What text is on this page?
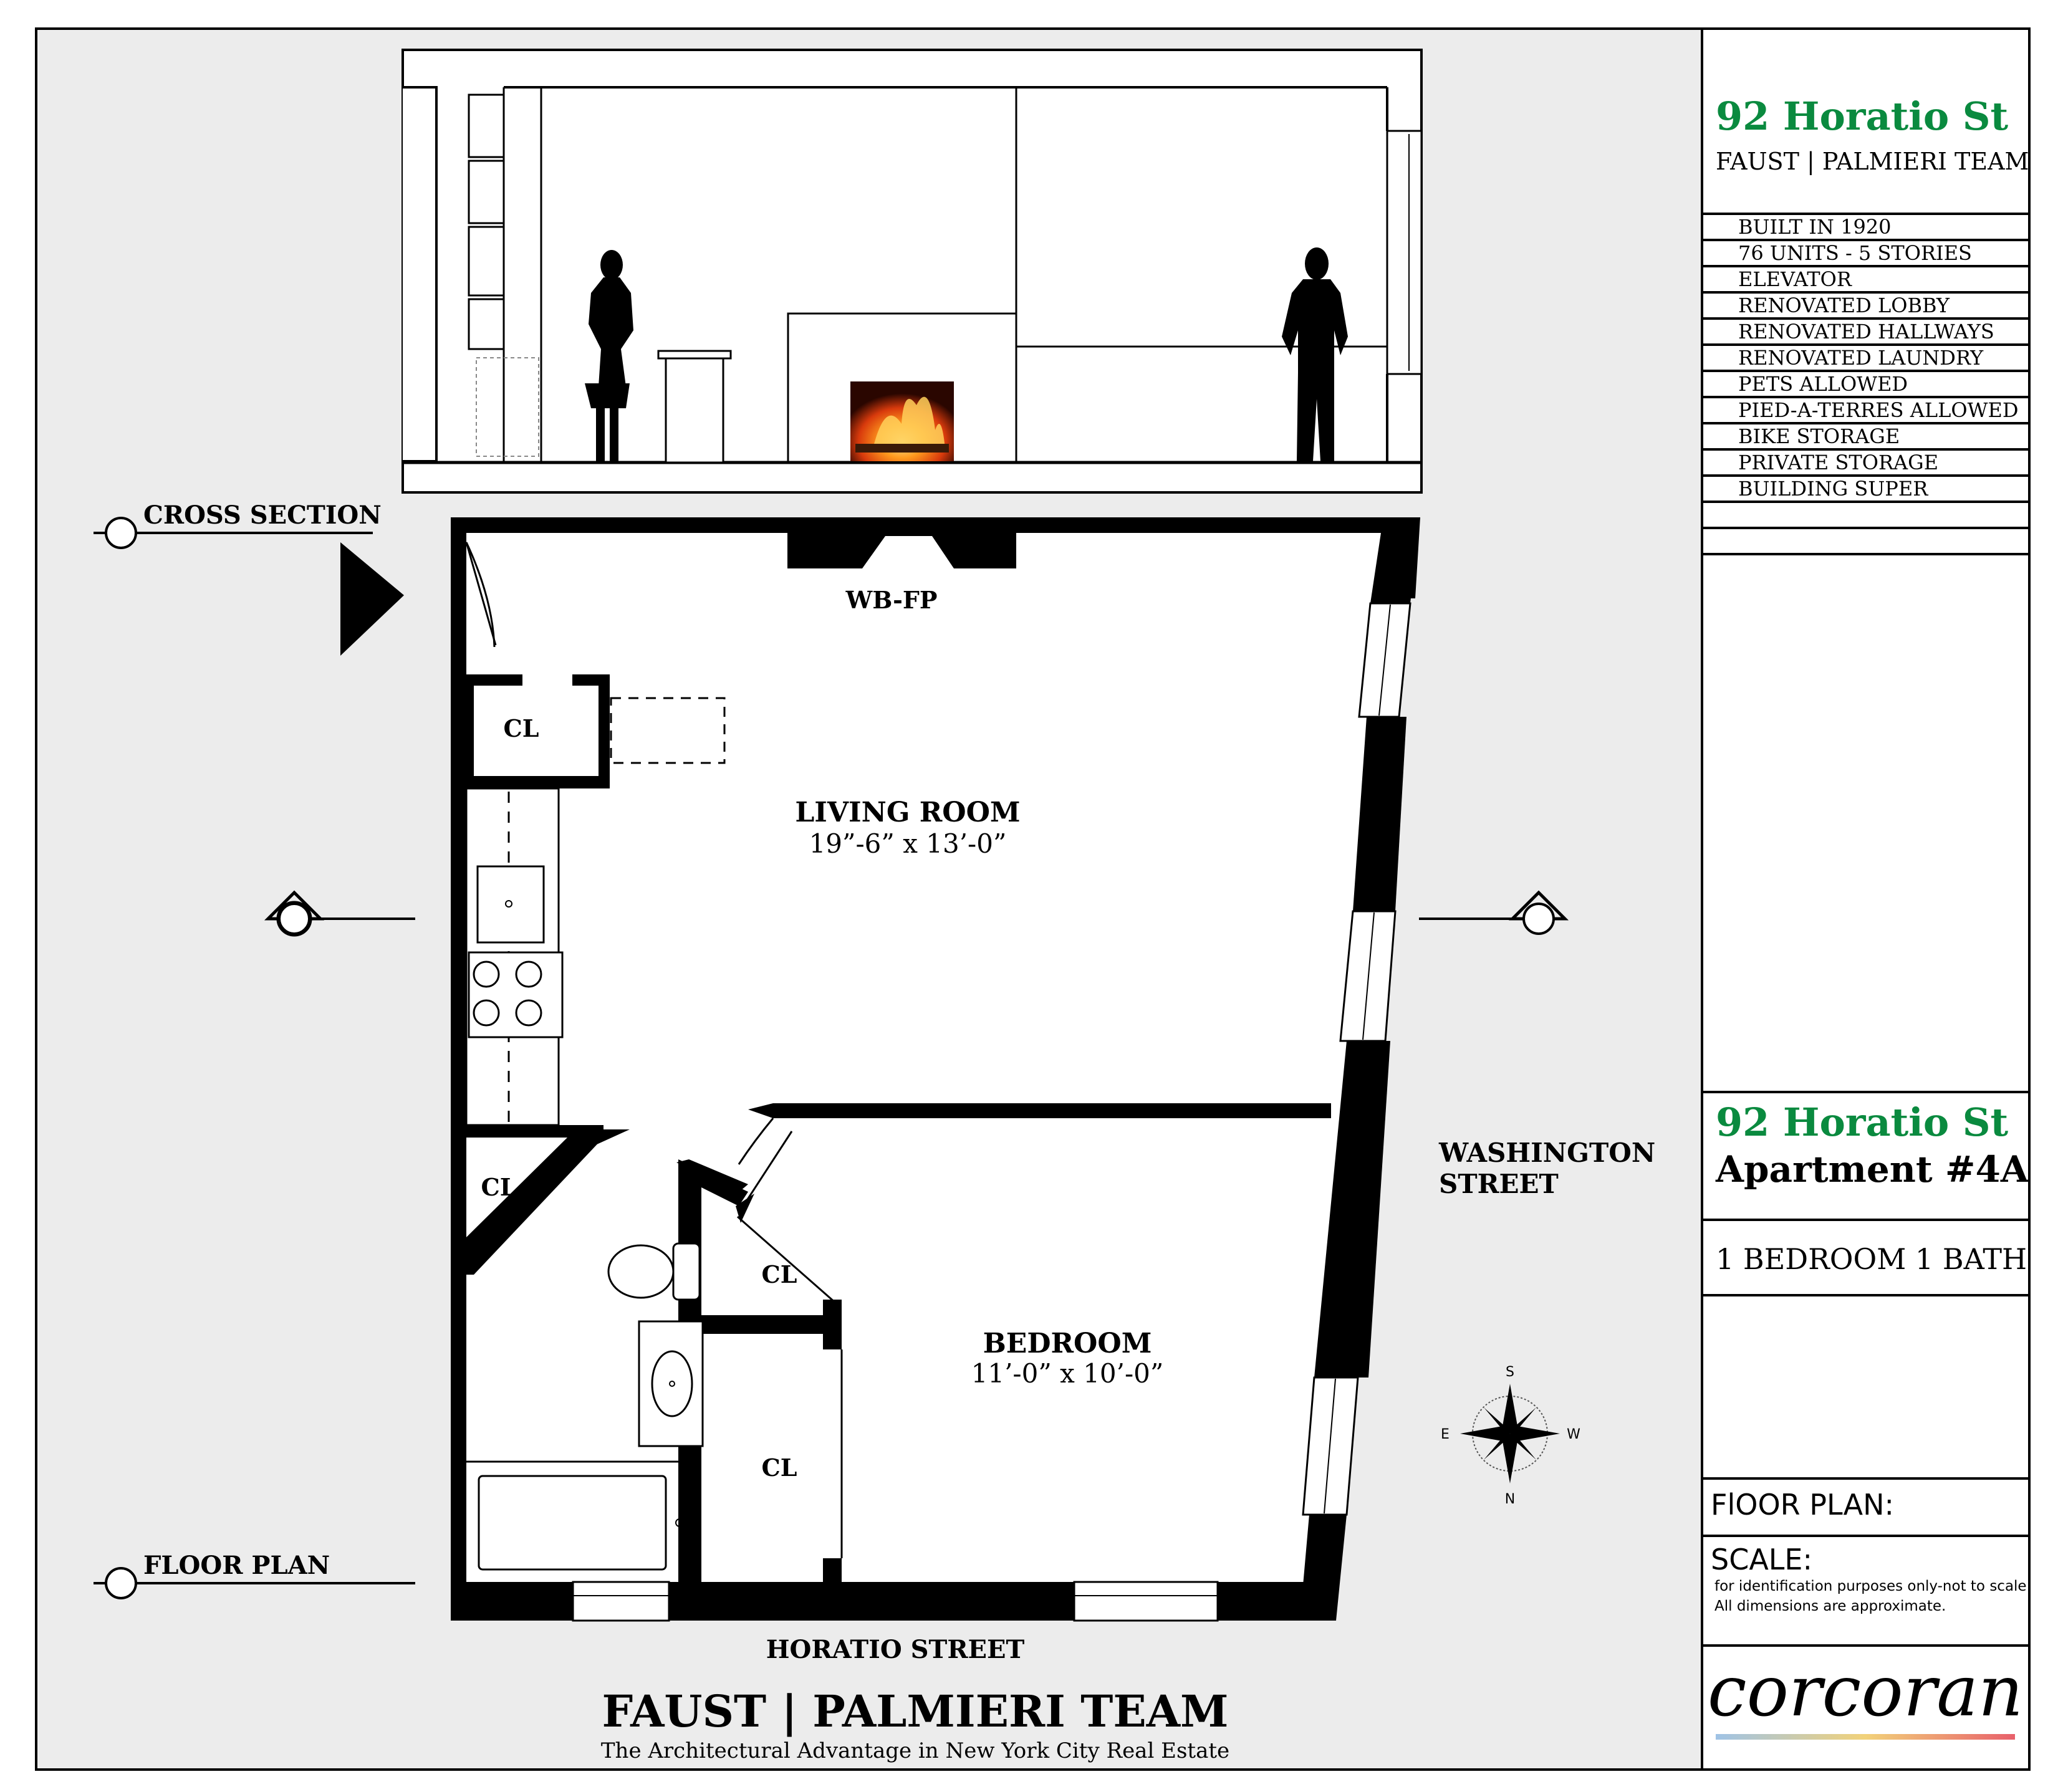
CROSS SECTION
FLOOR PLAN
WB-FP
CL
LIVING ROOM
19”-6” x 13’-0”
CL
CL
CL
BEDROOM
11’-0” x 10’-0”
WASHINGTON
STREET
HORATIO STREET
S
N
E	W
FAUST | PALMIERI TEAM
The Architectural Advantage in New York City Real Estate
92 Horatio St
FAUST | PALMIERI TEAM
BUILT IN 1920
76 UNITS - 5 STORIES
ELEVATOR
RENOVATED LOBBY
RENOVATED HALLWAYS
RENOVATED LAUNDRY
PETS ALLOWED
PIED-A-TERRES ALLOWED
BIKE STORAGE
PRIVATE STORAGE
BUILDING SUPER
92 Horatio St
Apartment #4A
1 BEDROOM 1 BATH
FlOOR PLAN:
SCALE:
for identification purposes only-not to scale
All dimensions are approximate.
corcoran
